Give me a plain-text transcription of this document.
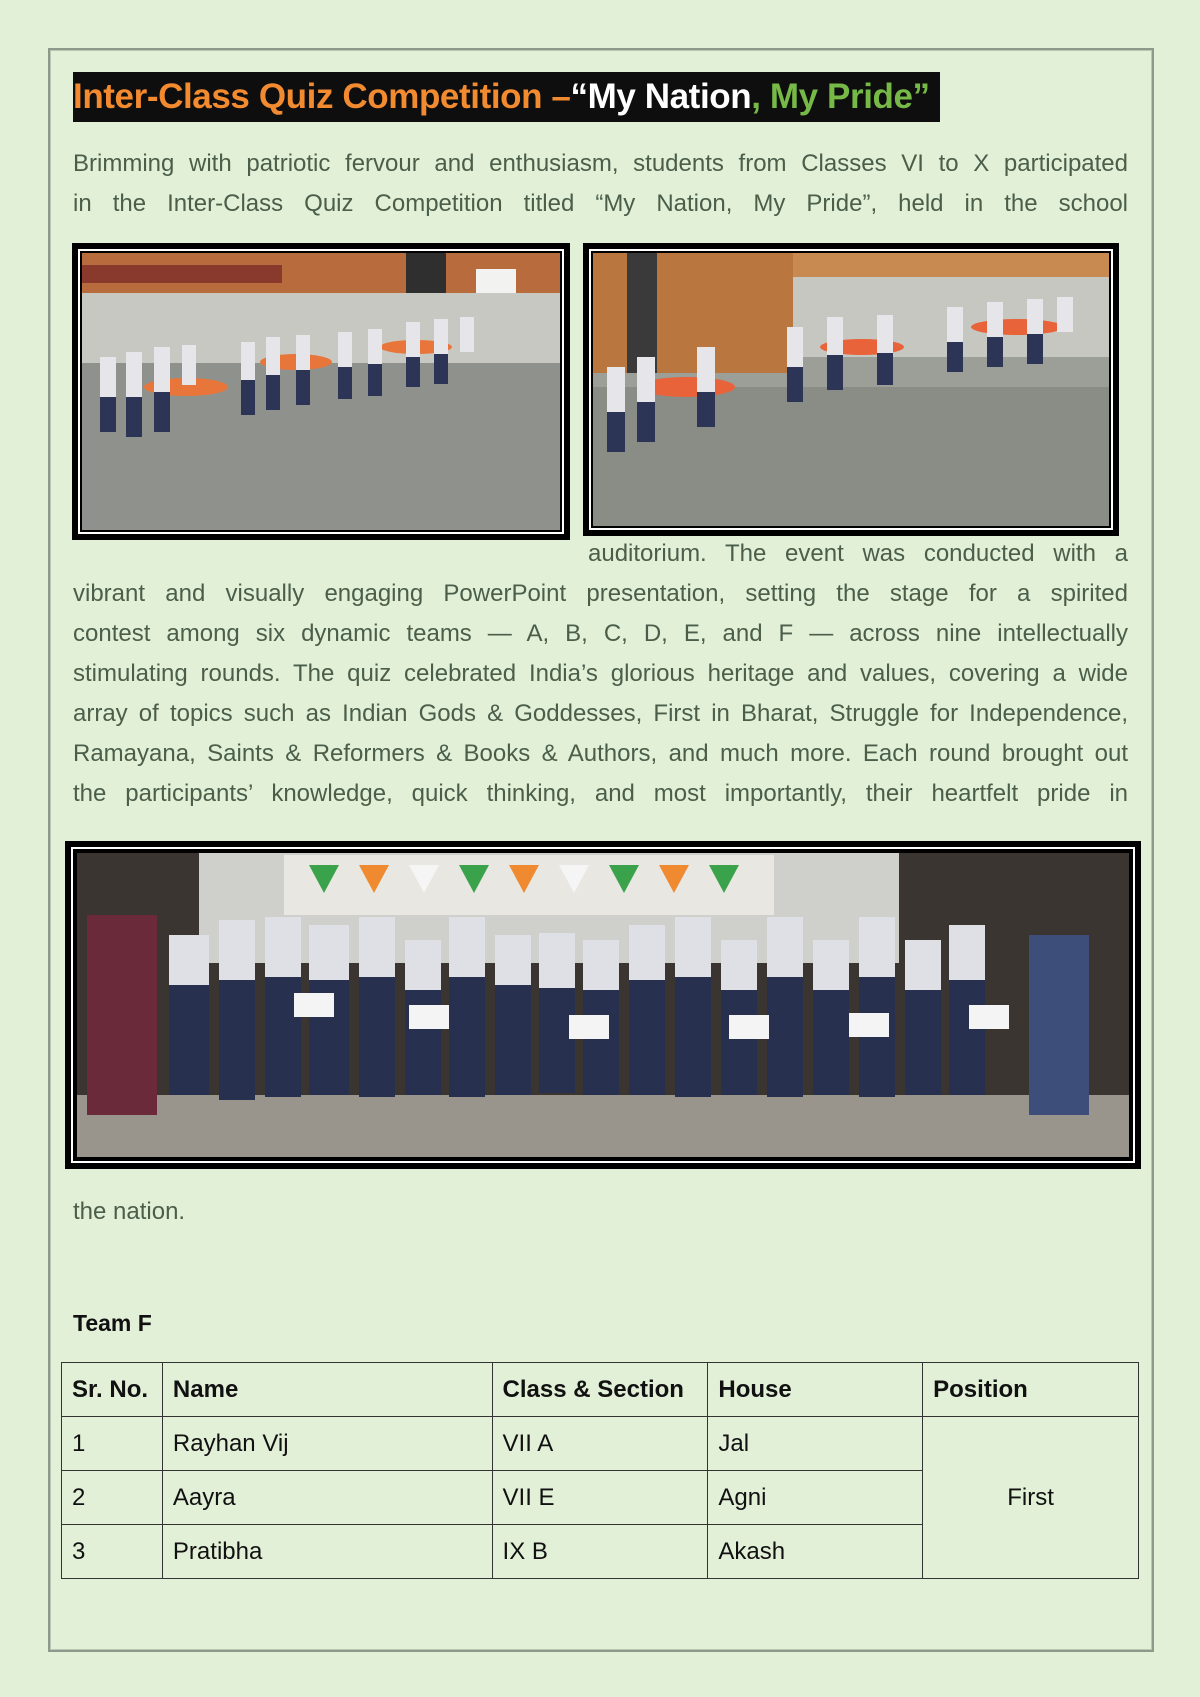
Inter-Class Quiz Competition – “My Nation , My Pride”

Brimming with patriotic fervour and enthusiasm, students from Classes VI to X participated

in the Inter-Class Quiz Competition titled “My Nation, My Pride”, held in the school

auditorium. The event was conducted with a

vibrant and visually engaging PowerPoint presentation, setting the stage for a spirited

contest among six dynamic teams — A, B, C, D, E, and F — across nine intellectually

stimulating rounds. The quiz celebrated India’s glorious heritage and values, covering a wide

array of topics such as Indian Gods & Goddesses, First in Bharat, Struggle for Independence,

Ramayana, Saints & Reformers & Books & Authors, and much more. Each round brought out

the participants’ knowledge, quick thinking, and most importantly, their heartfelt pride in

the nation.

Team F
Sr. No.	Name	Class & Section	House	Position
1	Rayhan Vij	VII A	Jal	First
2	Aayra	VII E	Agni	
3	Pratibha	IX B	Akash	
